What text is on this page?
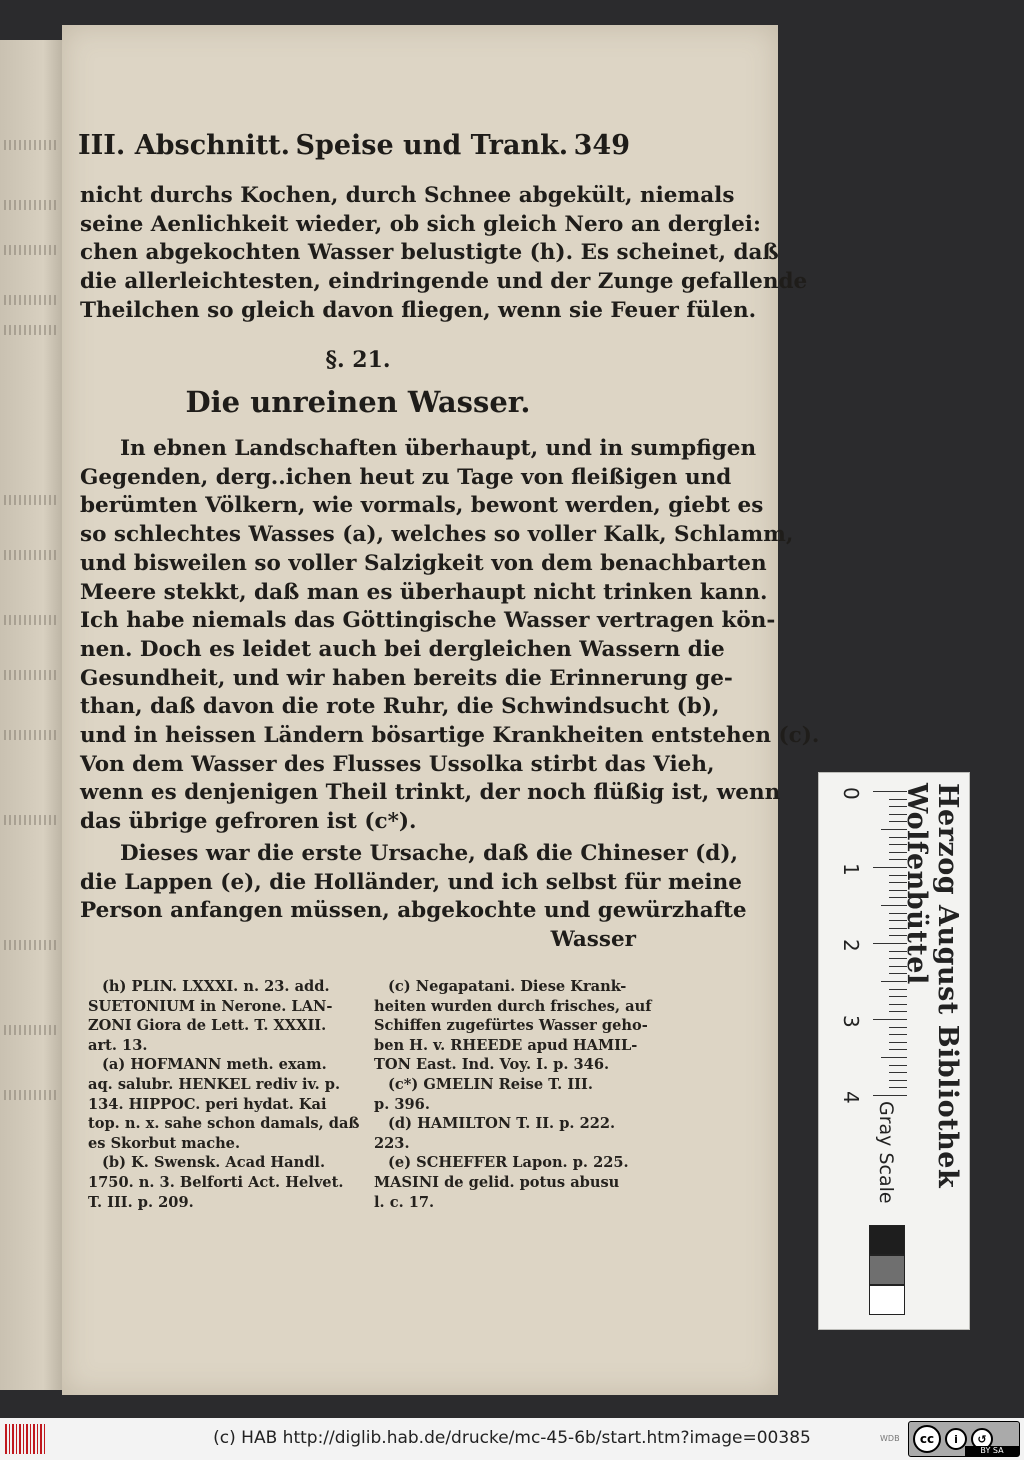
III. Abschnitt. Speise und Trank. 349
nicht durchs Kochen, durch Schnee abgekült, niemals
seine Aenlichkeit wieder, ob sich gleich Nero an derglei:
chen abgekochten Wasser belustigte (h). Es scheinet, daß
die allerleichtesten, eindringende und der Zunge gefallende
Theilchen so gleich davon fliegen, wenn sie Feuer fülen.
§. 21.
Die unreinen Wasser.
In ebnen Landschaften überhaupt, und in sumpfigen
Gegenden, derg..ichen heut zu Tage von fleißigen und
berümten Völkern, wie vormals, bewont werden, giebt es
so schlechtes Wasses (a), welches so voller Kalk, Schlamm,
und bisweilen so voller Salzigkeit von dem benachbarten
Meere stekkt, daß man es überhaupt nicht trinken kann.
Ich habe niemals das Göttingische Wasser vertragen kön-
nen. Doch es leidet auch bei dergleichen Wassern die
Gesundheit, und wir haben bereits die Erinnerung ge-
than, daß davon die rote Ruhr, die Schwindsucht (b),
und in heissen Ländern bösartige Krankheiten entstehen (c).
Von dem Wasser des Flusses Ussolka stirbt das Vieh,
wenn es denjenigen Theil trinkt, der noch flüßig ist, wenn
das übrige gefroren ist (c*).
Dieses war die erste Ursache, daß die Chineser (d),
die Lappen (e), die Holländer, und ich selbst für meine
Person anfangen müssen, abgekochte und gewürzhafte
Wasser
(h) PLIN. LXXXI. n. 23. add.
SUETONIUM in Nerone. LAN-
ZONI Giora de Lett. T. XXXII.
art. 13.
(a) HOFMANN meth. exam.
aq. salubr. HENKEL rediv iv. p.
134. HIPPOC. peri hydat. Kai
top. n. x. sahe schon damals, daß
es Skorbut mache.
(b) K. Swensk. Acad Handl.
1750. n. 3. Belforti Act. Helvet.
T. III. p. 209.
(c) Negapatani. Diese Krank-
heiten wurden durch frisches, auf
Schiffen zugefürtes Wasser geho-
ben H. v. RHEEDE apud HAMIL-
TON East. Ind. Voy. I. p. 346.
(c*) GMELIN Reise T. III.
p. 396.
(d) HAMILTON T. II. p. 222.
223.
(e) SCHEFFER Lapon. p. 225.
MASINI de gelid. potus abusu
l. c. 17.
0
1
2
3
4
Gray Scale	Herzog August Bibliothek Wolfenbüttel
(c) HAB http://diglib.hab.de/drucke/mc-45-6b/start.htm?image=00385	WDB	cc	i	↺
BY SA
